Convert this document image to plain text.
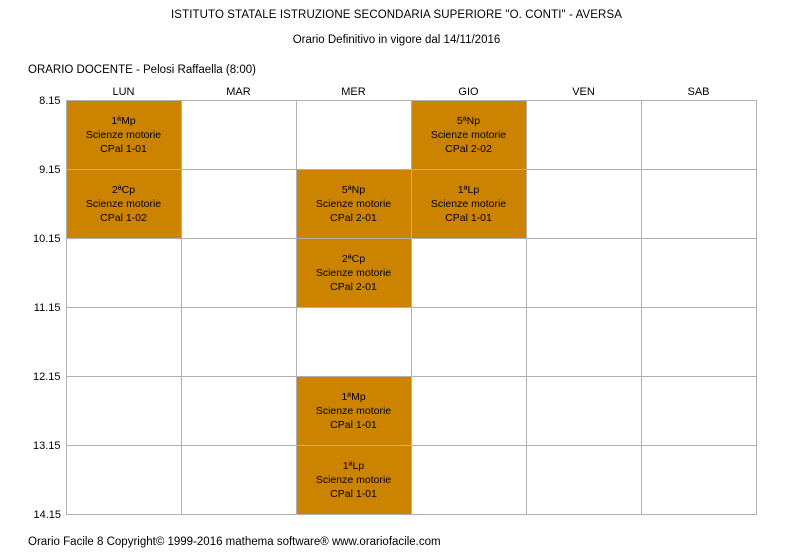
ISTITUTO STATALE ISTRUZIONE SECONDARIA SUPERIORE "O. CONTI" - AVERSA
Orario Definitivo in vigore dal 14/11/2016
ORARIO DOCENTE - Pelosi Raffaella (8:00)
	LUN	MAR	MER	GIO	VEN	SAB
8.15	1ªMp
Scienze motorie
CPal 1-01			5ªNp
Scienze motorie
CPal 2-02		

9.15	2ªCp
Scienze motorie
CPal 1-02		5ªNp
Scienze motorie
CPal 2-01	1ªLp
Scienze motorie
CPal 1-01		

10.15			2ªCp
Scienze motorie
CPal 2-01			

11.15						
12.15			1ªMp
Scienze motorie
CPal 1-01			

13.15			1ªLp
Scienze motorie
CPal 1-01			

14.15						
Orario Facile 8 Copyright© 1999-2016 mathema software® www.orariofacile.com
